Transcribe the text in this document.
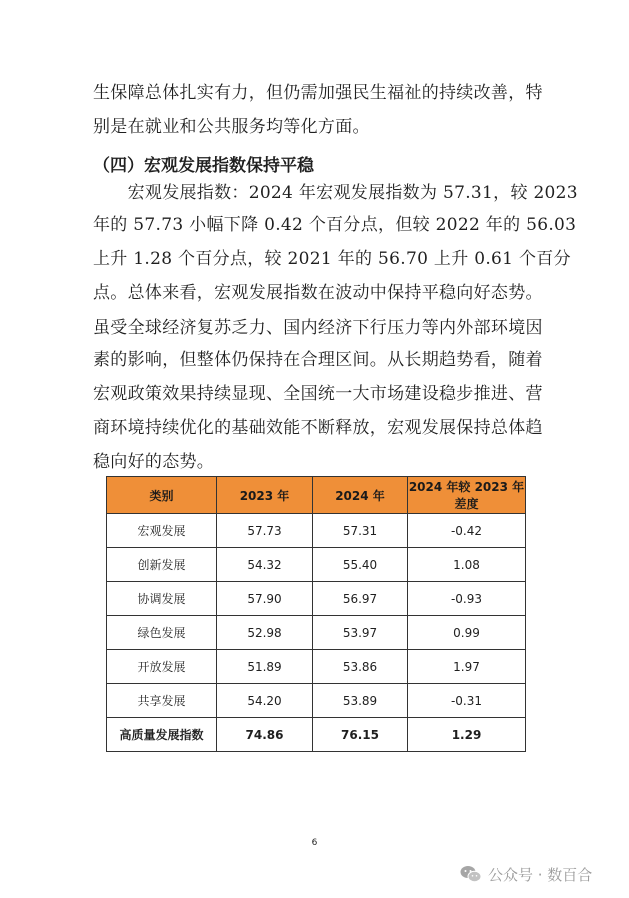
生保障总体扎实有力，但仍需加强民生福祉的持续改善，特
别是在就业和公共服务均等化方面。
（四）宏观发展指数保持平稳
　　宏观发展指数：2024 年宏观发展指数为 57.31，较 2023
年的 57.73 小幅下降 0.42 个百分点，但较 2022 年的 56.03
上升 1.28 个百分点，较 2021 年的 56.70 上升 0.61 个百分
点。总体来看，宏观发展指数在波动中保持平稳向好态势。
虽受全球经济复苏乏力、国内经济下行压力等内外部环境因
素的影响，但整体仍保持在合理区间。从长期趋势看，随着
宏观政策效果持续显现、全国统一大市场建设稳步推进、营
商环境持续优化的基础效能不断释放，宏观发展保持总体趋
稳向好的态势。
类别	2023 年	2024 年	2024 年较 2023 年差度
宏观发展	57.73	57.31	-0.42
创新发展	54.32	55.40	1.08
协调发展	57.90	56.97	-0.93
绿色发展	52.98	53.97	0.99
开放发展	51.89	53.86	1.97
共享发展	54.20	53.89	-0.31
高质量发展指数	74.86	76.15	1.29
6
公众号 · 数百合
